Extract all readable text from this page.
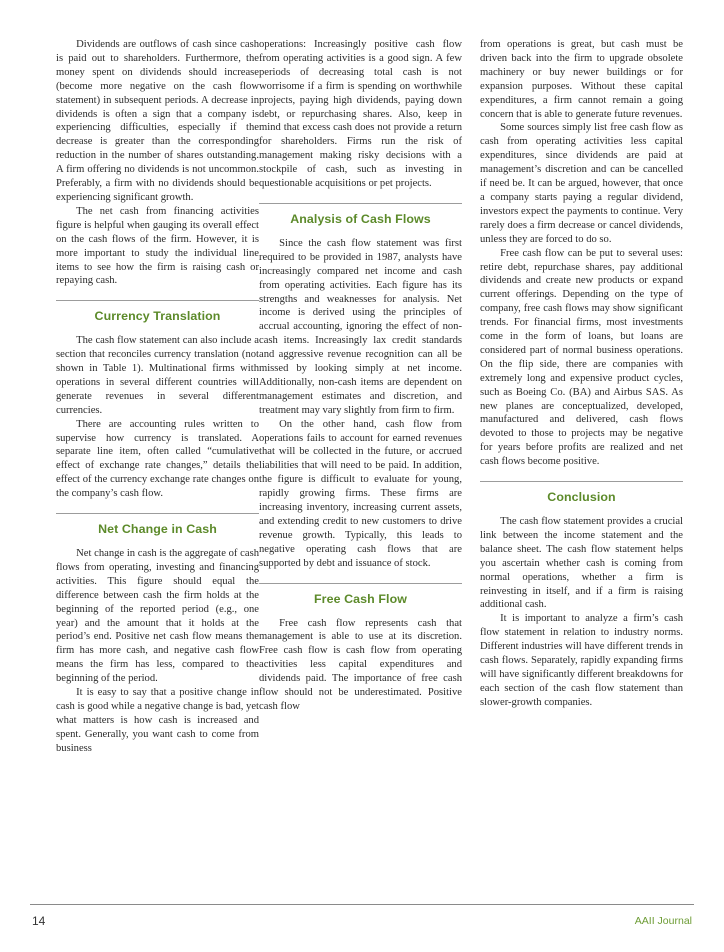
Dividends are outflows of cash since cash is paid out to shareholders. Furthermore, the money spent on dividends should increase (become more negative on the cash flow statement) in subsequent periods. A decrease in dividends is often a sign that a company is experiencing difficulties, especially if the decrease is greater than the corresponding reduction in the number of shares outstanding. A firm offering no dividends is not uncommon. Preferably, a firm with no dividends should be experiencing significant growth.

The net cash from financing activities figure is helpful when gauging its overall effect on the cash flows of the firm. However, it is more important to study the individual line items to see how the firm is raising cash or repaying cash.

Currency Translation

The cash flow statement can also include a section that reconciles currency translation (not shown in Table 1). Multinational firms with operations in several different countries will generate revenues in several different currencies.

There are accounting rules written to supervise how currency is translated. A separate line item, often called “cumulative effect of exchange rate changes,” details the effect of the currency exchange rate changes on the company’s cash flow.

Net Change in Cash

Net change in cash is the aggregate of cash flows from operating, investing and financing activities. This figure should equal the difference between cash the firm holds at the beginning of the reported period (e.g., one year) and the amount that it holds at the period’s end. Positive net cash flow means the firm has more cash, and negative cash flow means the firm has less, compared to the beginning of the period.

It is easy to say that a positive change in cash is good while a negative change is bad, yet what matters is how cash is increased and spent. Generally, you want cash to come from business

operations: Increasingly positive cash flow from operating activities is a good sign. A few periods of decreasing total cash is not worrisome if a firm is spending on worthwhile projects, paying high dividends, paying down debt, or repurchasing shares. Also, keep in mind that excess cash does not provide a return for shareholders. Firms run the risk of management making risky decisions with a stockpile of cash, such as investing in questionable acquisitions or pet projects.

Analysis of Cash Flows

Since the cash flow statement was first required to be provided in 1987, analysts have increasingly compared net income and cash from operating activities. Each figure has its strengths and weaknesses for analysis. Net income is derived using the principles of accrual accounting, ignoring the effect of non-cash items. Increasingly lax credit standards and aggressive revenue recognition can all be missed by looking simply at net income. Additionally, non-cash items are dependent on management estimates and discretion, and treatment may vary slightly from firm to firm.

On the other hand, cash flow from operations fails to account for earned revenues that will be collected in the future, or accrued liabilities that will need to be paid. In addition, the figure is difficult to evaluate for young, rapidly growing firms. These firms are increasing inventory, increasing current assets, and extending credit to new customers to drive revenue growth. Typically, this leads to negative operating cash flows that are supported by debt and issuance of stock.

Free Cash Flow

Free cash flow represents cash that management is able to use at its discretion. Free cash flow is cash flow from operating activities less capital expenditures and dividends paid. The importance of free cash flow should not be underestimated. Positive cash flow

from operations is great, but cash must be driven back into the firm to upgrade obsolete machinery or buy newer buildings or for expansion purposes. Without these capital expenditures, a firm cannot remain a going concern that is able to generate future revenues.

Some sources simply list free cash flow as cash from operating activities less capital expenditures, since dividends are paid at management’s discretion and can be cancelled if need be. It can be argued, however, that once a company starts paying a regular dividend, investors expect the payments to continue. Very rarely does a firm decrease or cancel dividends, unless they are forced to do so.

Free cash flow can be put to several uses: retire debt, repurchase shares, pay additional dividends and create new products or expand current offerings. Depending on the type of company, free cash flows may show significant trends. For financial firms, most investments come in the form of loans, but loans are considered part of normal business operations. On the flip side, there are companies with extremely long and expensive product cycles, such as Boeing Co. (BA) and Airbus SAS. As new planes are conceptualized, developed, manufactured and delivered, cash flows devoted to those to projects may be negative for years before profits are realized and net cash flows become positive.

Conclusion

The cash flow statement provides a crucial link between the income statement and the balance sheet. The cash flow statement helps you ascertain whether cash is coming from normal operations, whether a firm is reinvesting in itself, and if a firm is raising additional cash.

It is important to analyze a firm’s cash flow statement in relation to industry norms. Different industries will have different trends in cash flows. Separately, rapidly expanding firms will have significantly different breakdowns for each section of the cash flow statement than slower-growth companies.

14	AAII Journal
